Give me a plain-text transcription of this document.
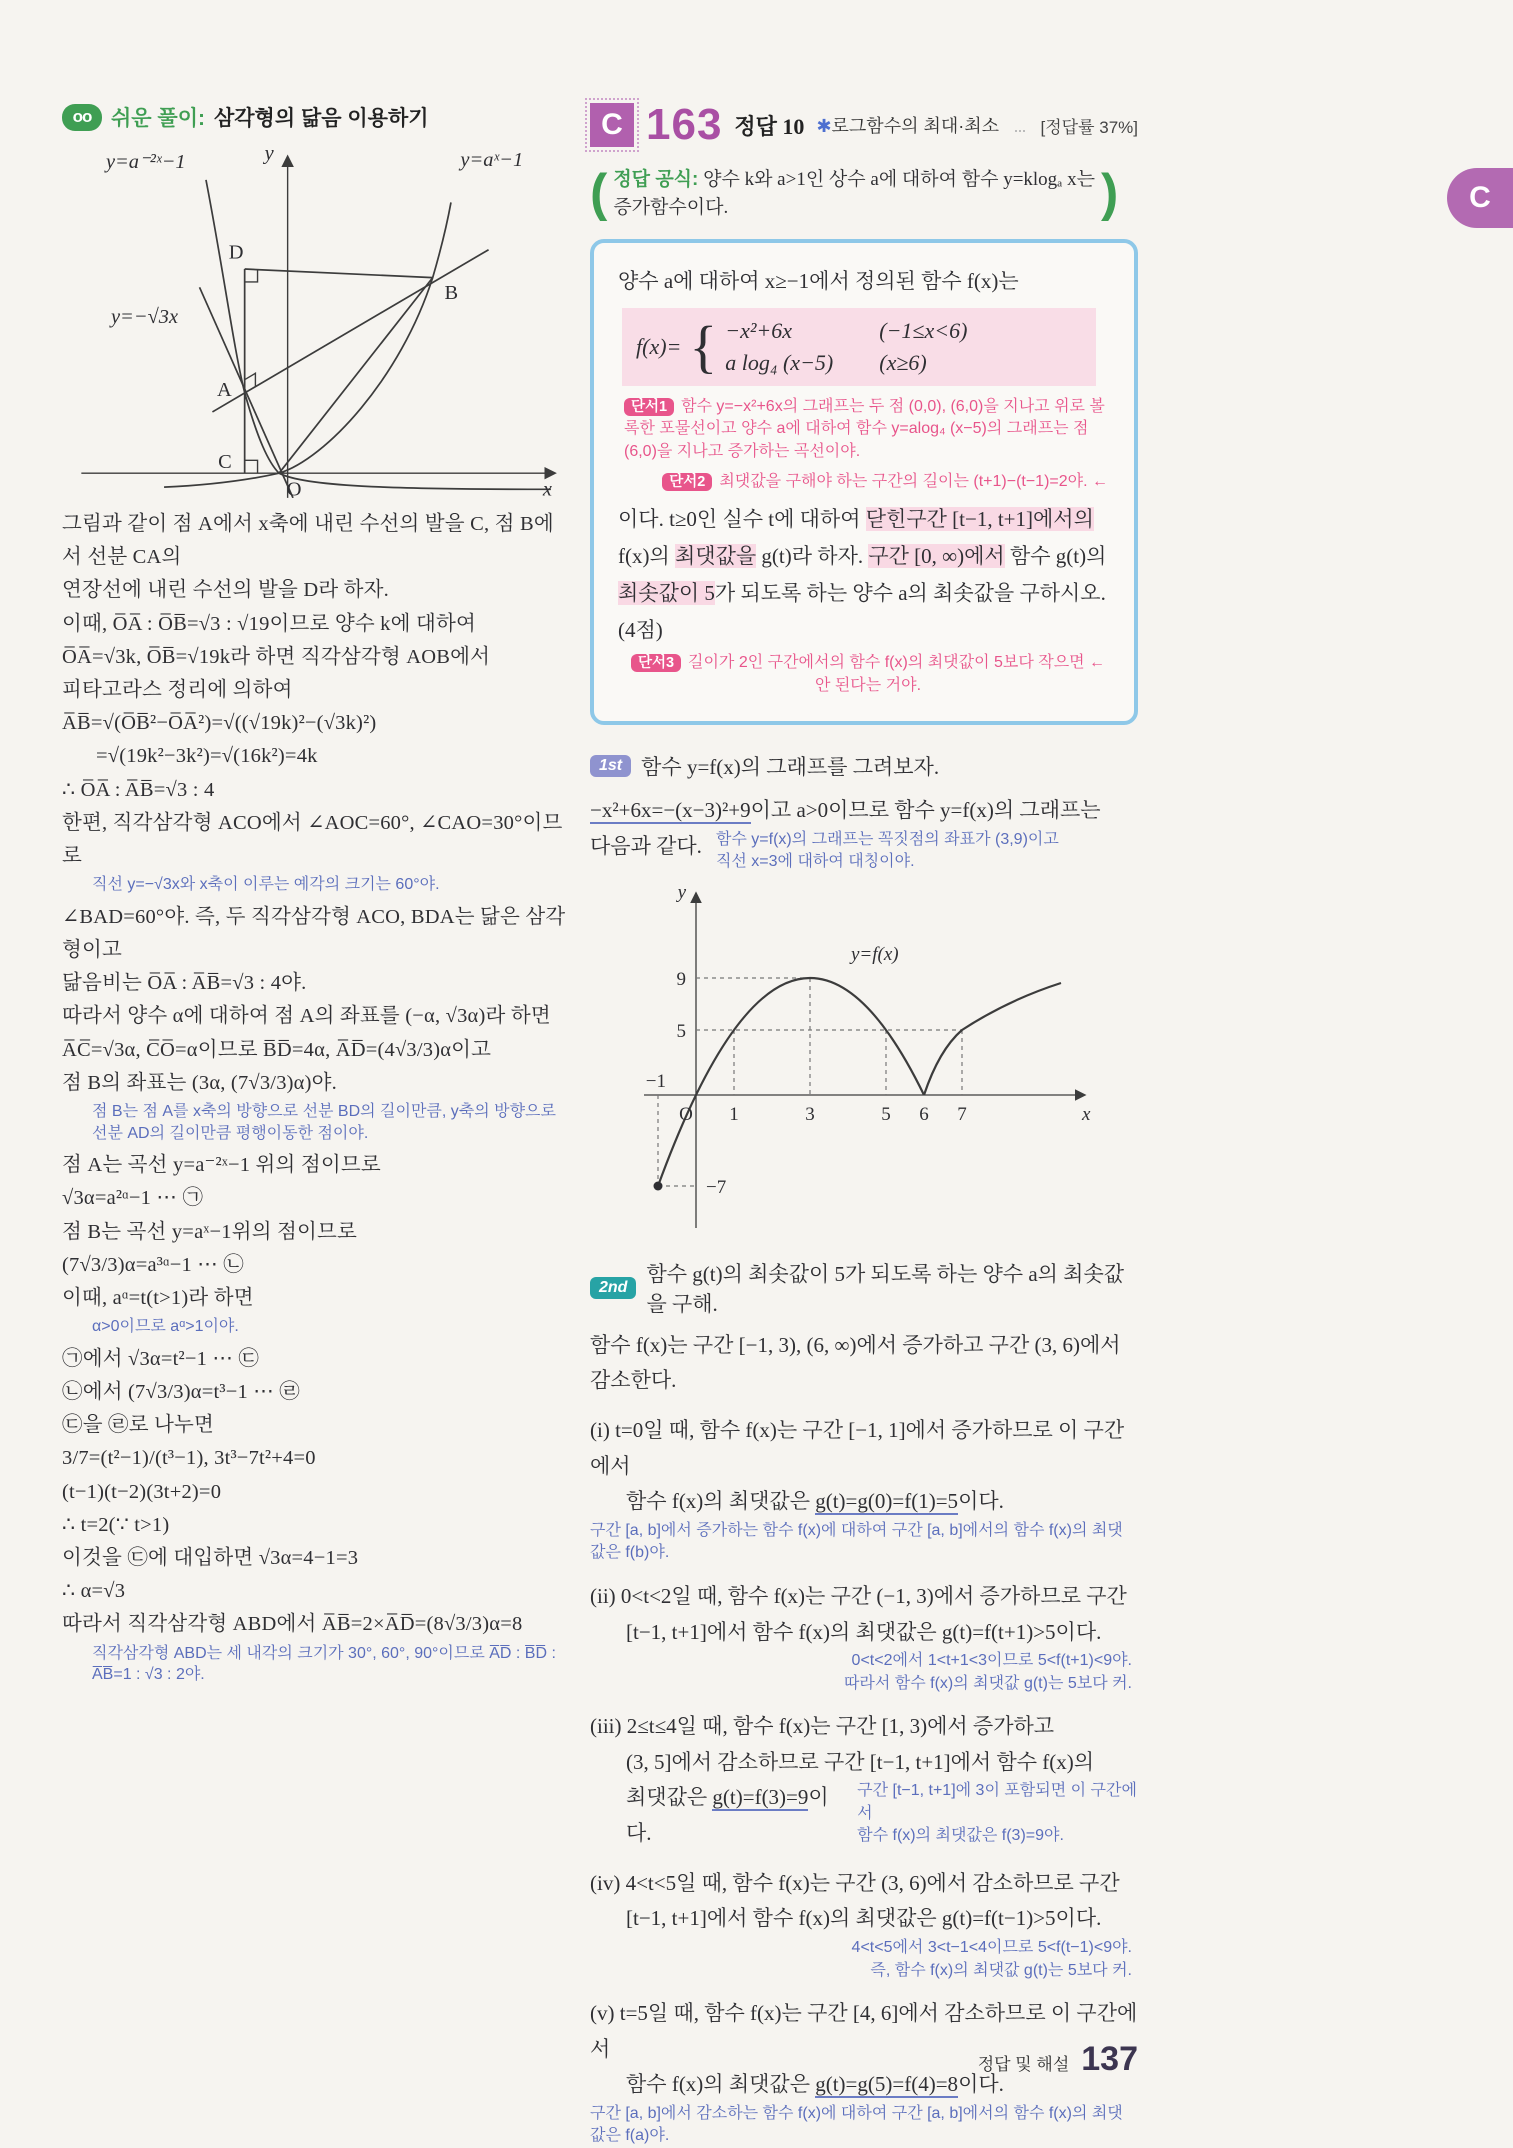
oo 쉬운 풀이: 삼각형의 닮음 이용하기
y=a⁻²ˣ−1	y=aˣ−1
y=−√3x
A
B
C
D
O	x
y
그림과 같이 점 A에서 x축에 내린 수선의 발을 C, 점 B에서 선분 CA의
연장선에 내린 수선의 발을 D라 하자.
이때, O̅A̅ : O̅B̅=√3 : √19이므로 양수 k에 대하여
O̅A̅=√3k, O̅B̅=√19k라 하면 직각삼각형 AOB에서
피타고라스 정리에 의하여
A̅B̅=√(O̅B̅²−O̅A̅²)=√((√19k)²−(√3k)²)
=√(19k²−3k²)=√(16k²)=4k
∴ O̅A̅ : A̅B̅=√3 : 4
한편, 직각삼각형 ACO에서 ∠AOC=60°, ∠CAO=30°이므로
직선 y=−√3x와 x축이 이루는 예각의 크기는 60°야.
∠BAD=60°야. 즉, 두 직각삼각형 ACO, BDA는 닮은 삼각형이고
닮음비는 O̅A̅ : A̅B̅=√3 : 4야.
따라서 양수 α에 대하여 점 A의 좌표를 (−α, √3α)라 하면
A̅C̅=√3α, C̅O̅=α이므로 B̅D̅=4α, A̅D̅=(4√3/3)α이고
점 B의 좌표는 (3α, (7√3/3)α)야.
점 B는 점 A를 x축의 방향으로 선분 BD의 길이만큼, y축의 방향으로 선분 AD의 길이만큼 평행이동한 점이야.
점 A는 곡선 y=a⁻²ˣ−1 위의 점이므로
√3α=a²ᵅ−1 ⋯ ㉠
점 B는 곡선 y=aˣ−1위의 점이므로
(7√3/3)α=a³ᵅ−1 ⋯ ㉡
이때, aᵅ=t(t>1)라 하면
α>0이므로 aᵅ>1이야.
㉠에서 √3α=t²−1 ⋯ ㉢
㉡에서 (7√3/3)α=t³−1 ⋯ ㉣
㉢을 ㉣로 나누면
3/7=(t²−1)/(t³−1), 3t³−7t²+4=0
(t−1)(t−2)(3t+2)=0
∴ t=2(∵ t>1)
이것을 ㉢에 대입하면 √3α=4−1=3
∴ α=√3
따라서 직각삼각형 ABD에서 A̅B̅=2×A̅D̅=(8√3/3)α=8
직각삼각형 ABD는 세 내각의 크기가 30°, 60°, 90°이므로 A̅D̅ : B̅D̅ : A̅B̅=1 : √3 : 2야.
C 163 정답 10 ✱로그함수의 최대·최소 [정답률 37%]
( 정답 공식: 양수 k와 a>1인 상수 a에 대하여 함수 y=klogₐ x는
증가함수이다.	)
양수 a에 대하여 x≥−1에서 정의된 함수 f(x)는
f(x)= { −x²+6x	(−1≤x<6)
a log₄ (x−5) (x≥6)
단서1 함수 y=−x²+6x의 그래프는 두 점 (0,0), (6,0)을 지나고 위로 볼록한 포물선이고 양수 a에 대하여 함수 y=alog₄ (x−5)의 그래프는 점 (6,0)을 지나고 증가하는 곡선이야.
단서2 최댓값을 구해야 하는 구간의 길이는 (t+1)−(t−1)=2야. ←
이다. t≥0인 실수 t에 대하여 닫힌구간 [t−1, t+1]에서의
f(x)의 최댓값을 g(t)라 하자. 구간 [0, ∞)에서 함수 g(t)의
최솟값이 5가 되도록 하는 양수 a의 최솟값을 구하시오. (4점)
단서3 길이가 2인 구간에서의 함수 f(x)의 최댓값이 5보다 작으면 ←
안 된다는 거야.
1st 함수 y=f(x)의 그래프를 그려보자.
−x²+6x=−(x−3)²+9이고 a>0이므로 함수 y=f(x)의 그래프는
다음과 같다. 함수 y=f(x)의 그래프는 꼭짓점의 좌표가 (3,9)이고
직선 x=3에 대하여 대칭이야.
y
x
y=f(x)
9
5
−1
O 1	3	5 6 7
−7
2nd
함수 g(t)의 최솟값이 5가 되도록 하는 양수 a의 최솟값을 구해.
함수 f(x)는 구간 [−1, 3), (6, ∞)에서 증가하고 구간 (3, 6)에서
감소한다.
(i) t=0일 때, 함수 f(x)는 구간 [−1, 1]에서 증가하므로 이 구간에서
함수 f(x)의 최댓값은 g(t)=g(0)=f(1)=5이다.
구간 [a, b]에서 증가하는 함수 f(x)에 대하여 구간 [a, b]에서의 함수 f(x)의 최댓값은 f(b)야.
(ii) 0<t<2일 때, 함수 f(x)는 구간 (−1, 3)에서 증가하므로 구간
[t−1, t+1]에서 함수 f(x)의 최댓값은 g(t)=f(t+1)>5이다.
0<t<2에서 1<t+1<3이므로 5<f(t+1)<9야.
따라서 함수 f(x)의 최댓값 g(t)는 5보다 커.
(iii) 2≤t≤4일 때, 함수 f(x)는 구간 [1, 3)에서 증가하고
(3, 5]에서 감소하므로 구간 [t−1, t+1]에서 함수 f(x)의
최댓값은 g(t)=f(3)=9이다.
구간 [t−1, t+1]에 3이 포함되면 이 구간에서
함수 f(x)의 최댓값은 f(3)=9야.
(iv) 4<t<5일 때, 함수 f(x)는 구간 (3, 6)에서 감소하므로 구간
[t−1, t+1]에서 함수 f(x)의 최댓값은 g(t)=f(t−1)>5이다.
4<t<5에서 3<t−1<4이므로 5<f(t−1)<9야.
즉, 함수 f(x)의 최댓값 g(t)는 5보다 커.
(v) t=5일 때, 함수 f(x)는 구간 [4, 6]에서 감소하므로 이 구간에서
함수 f(x)의 최댓값은 g(t)=g(5)=f(4)=8이다.
구간 [a, b]에서 감소하는 함수 f(x)에 대하여 구간 [a, b]에서의 함수 f(x)의 최댓값은 f(a)야.
정답 및 해설 137
C
